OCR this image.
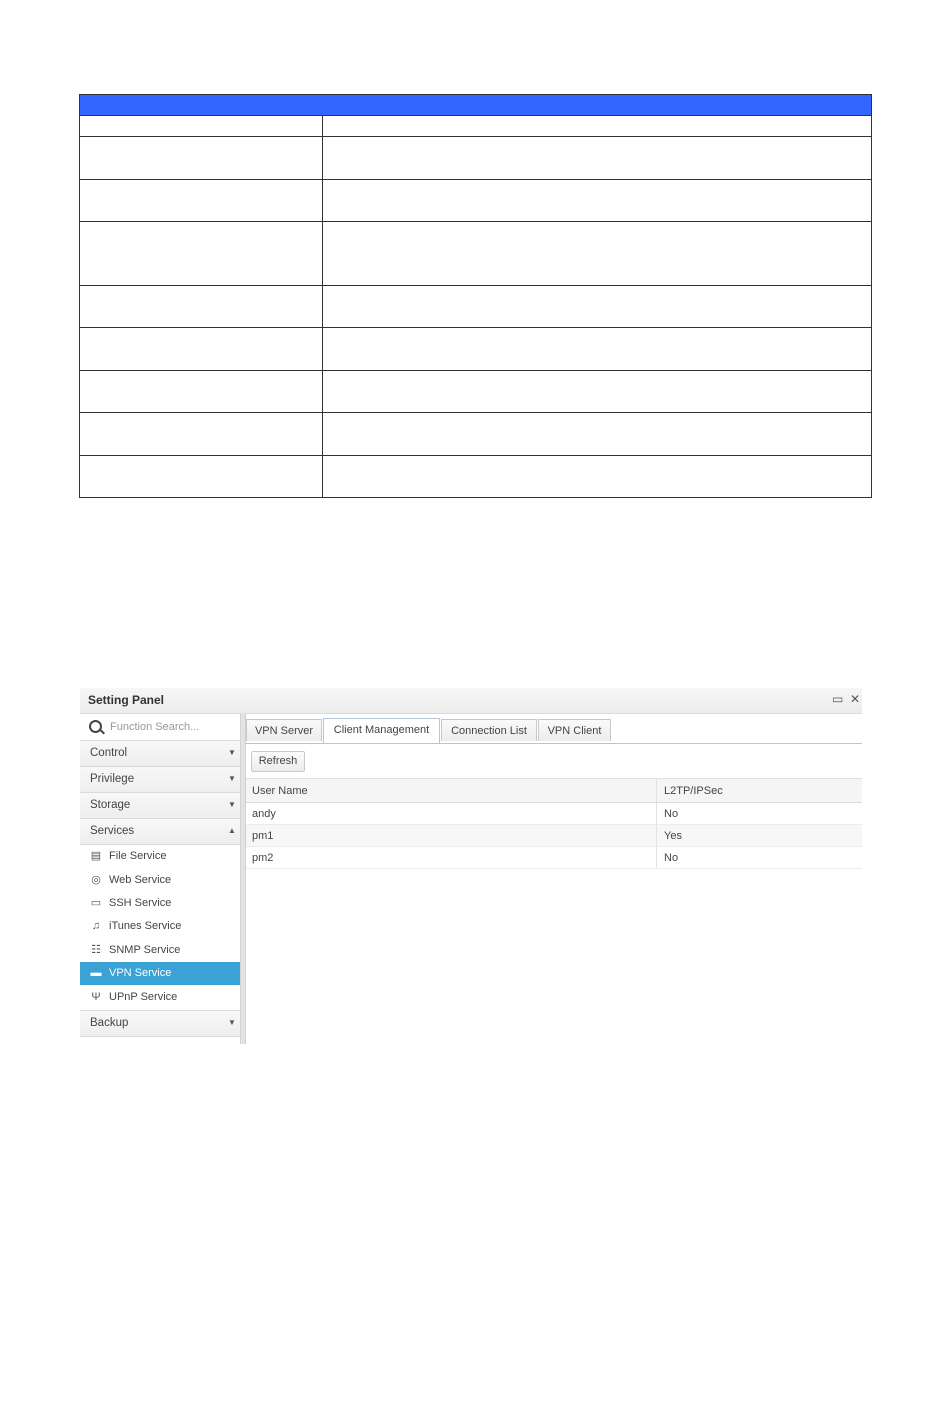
Setting Panel	▭ ✕
Function Search...
Control	▼
Privilege	▼
Storage	▼
Services	▲
▤ File Service
◎ Web Service
▭ SSH Service
♫ iTunes Service
☷ SNMP Service
▬ VPN Service
Ψ UPnP Service
Backup	▼
VPN Server	Client Management	Connection List	VPN Client
Refresh
User Name	L2TP/IPSec
andy	No
pm1	Yes
pm2	No
